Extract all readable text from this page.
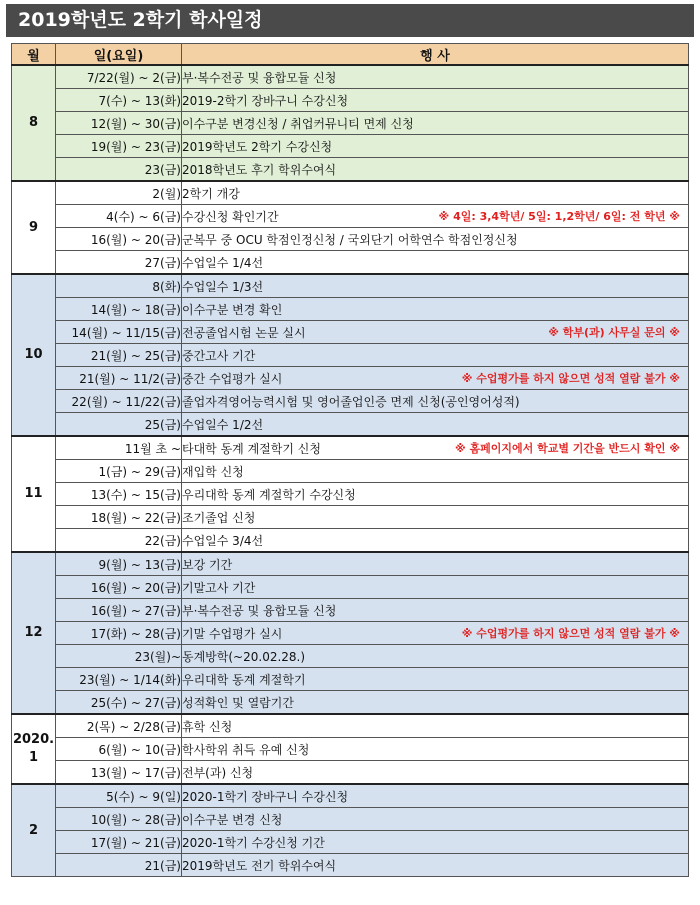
2019학년도 2학기 학사일정
월	일(요일)	행 사
8	7/22(월) ~ 2(금)	부·복수전공 및 융합모듈 신청
	7(수) ~ 13(화)	2019-2학기 장바구니 수강신청
	12(월) ~ 30(금)	이수구분 변경신청 / 취업커뮤니티 면제 신청
	19(월) ~ 23(금)	2019학년도 2학기 수강신청
	23(금)	2018학년도 후기 학위수여식
9	2(월)	2학기 개강
	4(수) ~ 6(금)	수강신청 확인기간 ※ 4일: 3,4학년/ 5일: 1,2학년/ 6일: 전 학년 ※

	16(월) ~ 20(금)	군복무 중 OCU 학점인정신청 / 국외단기 어학연수 학점인정신청
	27(금)	수업일수 1/4선
10	8(화)	수업일수 1/3선
	14(월) ~ 18(금)	이수구분 변경 확인
	14(월) ~ 11/15(금)	전공졸업시험 논문 실시 ※ 학부(과) 사무실 문의 ※

	21(월) ~ 25(금)	중간고사 기간
	21(월) ~ 11/2(금)	중간 수업평가 실시 ※ 수업평가를 하지 않으면 성적 열람 불가 ※

	22(월) ~ 11/22(금)	졸업자격영어능력시험 및 영어졸업인증 면제 신청(공인영어성적)
	25(금)	수업일수 1/2선
11	11월 초 ~	타대학 동계 계절학기 신청 ※ 홈페이지에서 학교별 기간을 반드시 확인 ※

	1(금) ~ 29(금)	재입학 신청
	13(수) ~ 15(금)	우리대학 동계 계절학기 수강신청
	18(월) ~ 22(금)	조기졸업 신청
	22(금)	수업일수 3/4선
12	9(월) ~ 13(금)	보강 기간
	16(월) ~ 20(금)	기말고사 기간
	16(월) ~ 27(금)	부·복수전공 및 융합모듈 신청
	17(화) ~ 28(금)	기말 수업평가 실시 ※ 수업평가를 하지 않으면 성적 열람 불가 ※

	23(월)~	동계방학(~20.02.28.)
	23(월) ~ 1/14(화)	우리대학 동계 계절학기
	25(수) ~ 27(금)	성적확인 및 열람기간
2020.
1	2(목) ~ 2/28(금)	휴학 신청
	6(월) ~ 10(금)	학사학위 취득 유예 신청
	13(월) ~ 17(금)	전부(과) 신청
2	5(수) ~ 9(일)	2020-1학기 장바구니 수강신청
	10(월) ~ 28(금)	이수구분 변경 신청
	17(월) ~ 21(금)	2020-1학기 수강신청 기간
	21(금)	2019학년도 전기 학위수여식
